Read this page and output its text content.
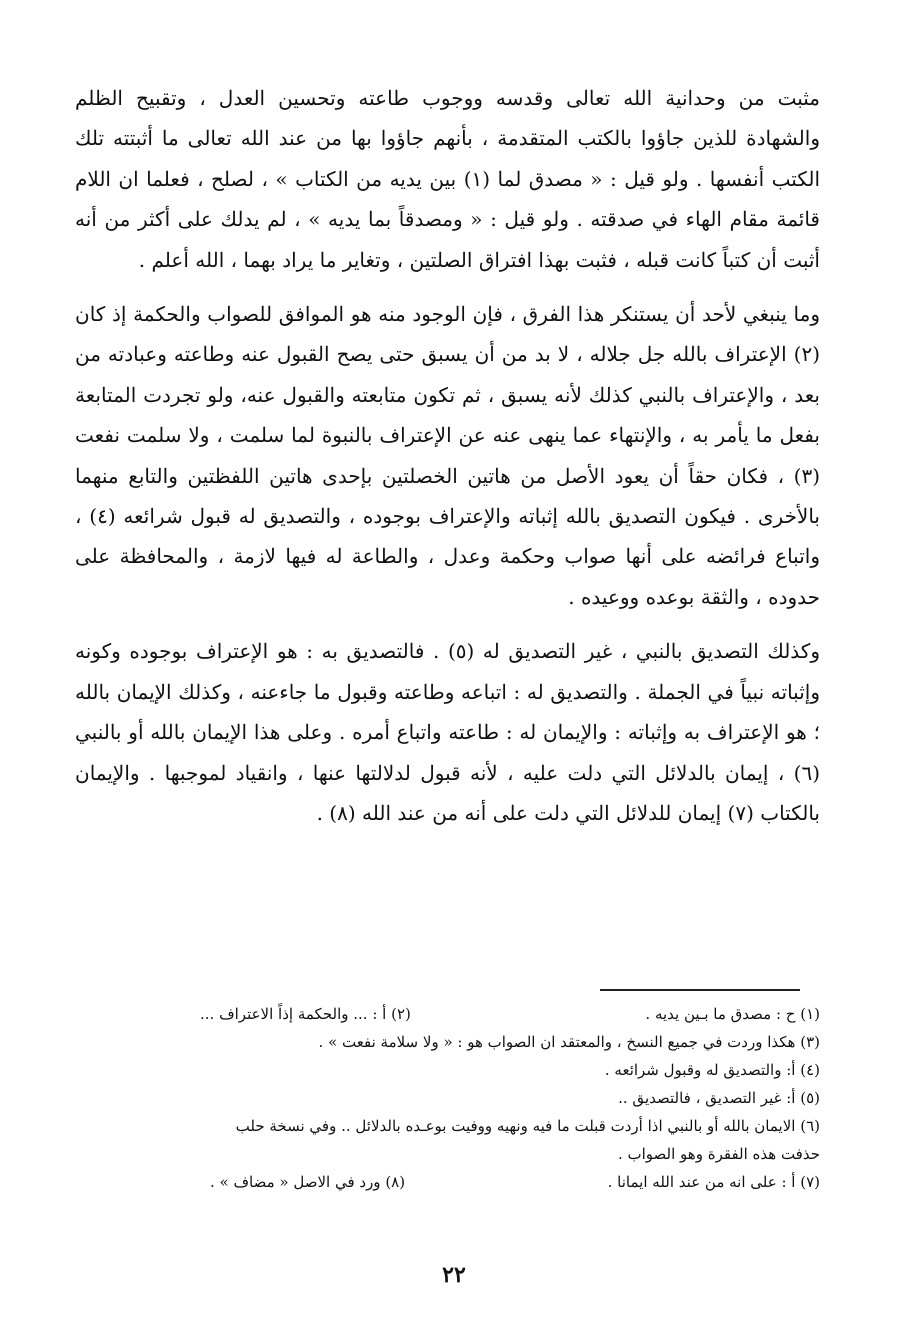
مثبت من وحدانية الله تعالى وقدسه ووجوب طاعته وتحسين العدل ، وتقبيح الظلم والشهادة للذين جاؤوا بالكتب المتقدمة ، بأنهم جاؤوا بها من عند الله تعالى ما أثبتته تلك الكتب أنفسها . ولو قيل : « مصدق لما (١) بين يديه من الكتاب » ، لصلح ، فعلما ان اللام قائمة مقام الهاء في صدقته . ولو قيل : « ومصدقاً بما يديه » ، لم يدلك على أكثر من أنه أثبت أن كتباً كانت قبله ، فثبت بهذا افتراق الصلتين ، وتغاير ما يراد بهما ، الله أعلم .

وما ينبغي لأحد أن يستنكر هذا الفرق ، فإن الوجود منه هو الموافق للصواب والحكمة إذ كان (٢) الإعتراف بالله جل جلاله ، لا بد من أن يسبق حتى يصح القبول عنه وطاعته وعبادته من بعد ، والإعتراف بالنبي كذلك لأنه يسبق ، ثم تكون متابعته والقبول عنه، ولو تجردت المتابعة بفعل ما يأمر به ، والإنتهاء عما ينهى عنه عن الإعتراف بالنبوة لما سلمت ، ولا سلمت نفعت (٣) ، فكان حقاً أن يعود الأصل من هاتين الخصلتين بإحدى هاتين اللفظتين والتابع منهما بالأخرى . فيكون التصديق بالله إثباته والإعتراف بوجوده ، والتصديق له قبول شرائعه (٤) ، واتباع فرائضه على أنها صواب وحكمة وعدل ، والطاعة له فيها لازمة ، والمحافظة على حدوده ، والثقة بوعده ووعيده .

وكذلك التصديق بالنبي ، غير التصديق له (٥) . فالتصديق به : هو الإعتراف بوجوده وكونه وإثباته نبياً في الجملة . والتصديق له : اتباعه وطاعته وقبول ما جاءعنه ، وكذلك الإيمان بالله ؛ هو الإعتراف به وإثباته : والإيمان له : طاعته واتباع أمره . وعلى هذا الإيمان بالله أو بالنبي (٦) ، إيمان بالدلائل التي دلت عليه ، لأنه قبول لدلالتها عنها ، وانقياد لموجبها . والإيمان بالكتاب (٧) إيمان للدلائل التي دلت على أنه من عند الله (٨) .

(١) ح : مصدق ما بـين يديه .
(٢) أ : ... والحكمة إذاً الاعتراف ...
(٣) هكذا وردت في جميع النسخ ، والمعتقد ان الصواب هو : « ولا سلامة نفعت » .
(٤) أ: والتصديق له وقبول شرائعه .
(٥) أ: غير التصديق ، فالتصديق ..
(٦) الايمان بالله أو بالنبي اذا أردت قبلت ما فيه ونهيه ووفيت بوعـده بالدلائل .. وفي نسخة حلب
حذفت هذه الفقرة وهو الصواب .
(٧) أ : على انه من عند الله ايمانا .
(٨) ورد في الاصل « مضاف » .
٢٢
